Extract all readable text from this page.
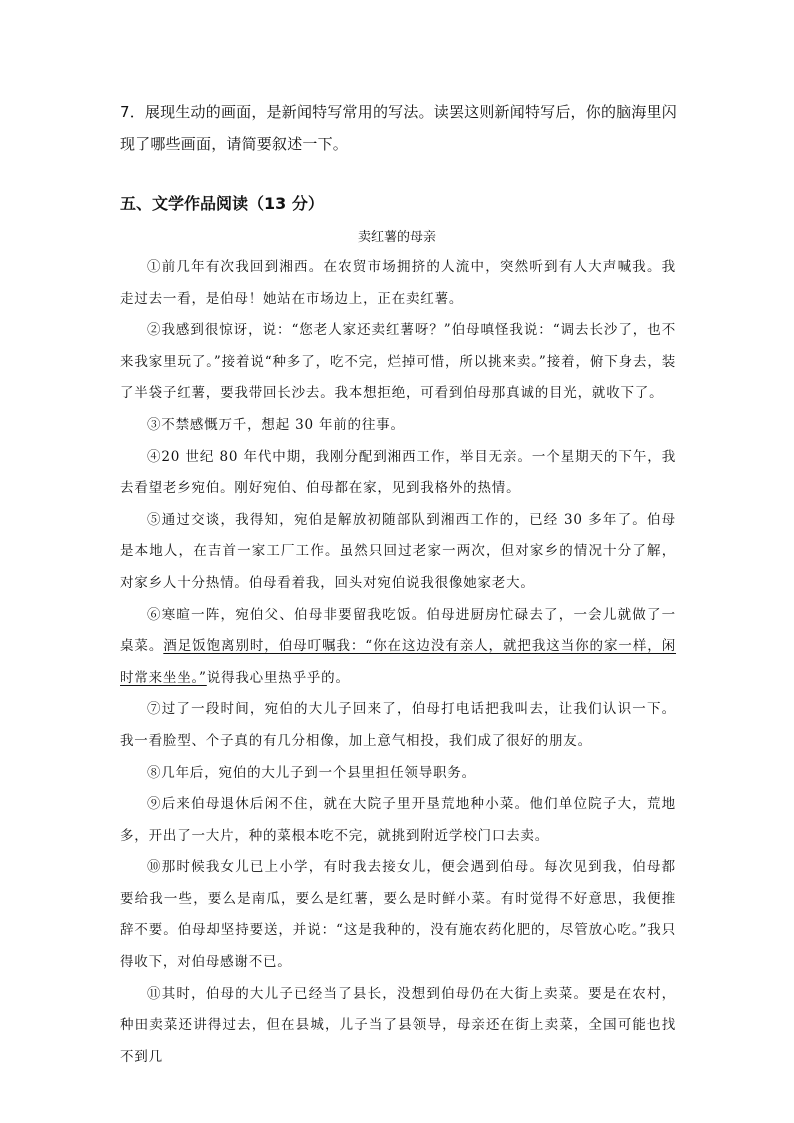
7．展现生动的画面，是新闻特写常用的写法。读罢这则新闻特写后，你的脑海里闪现了哪些画面，请简要叙述一下。
五、文学作品阅读（13 分）
卖红薯的母亲

①前几年有次我回到湘西。在农贸市场拥挤的人流中，突然听到有人大声喊我。我走过去一看，是伯母！她站在市场边上，正在卖红薯。

②我感到很惊讶，说：“您老人家还卖红薯呀？”伯母嗔怪我说：“调去长沙了，也不来我家里玩了。”接着说“种多了，吃不完，烂掉可惜，所以挑来卖。”接着，俯下身去，装了半袋子红薯，要我带回长沙去。我本想拒绝，可看到伯母那真诚的目光，就收下了。

③不禁感慨万千，想起 30 年前的往事。

④20 世纪 80 年代中期，我刚分配到湘西工作，举目无亲。一个星期天的下午，我去看望老乡宛伯。刚好宛伯、伯母都在家，见到我格外的热情。

⑤通过交谈，我得知，宛伯是解放初随部队到湘西工作的，已经 30 多年了。伯母是本地人，在吉首一家工厂工作。虽然只回过老家一两次，但对家乡的情况十分了解，对家乡人十分热情。伯母看着我，回头对宛伯说我很像她家老大。

⑥寒暄一阵，宛伯父、伯母非要留我吃饭。伯母进厨房忙碌去了，一会儿就做了一桌菜。酒足饭饱离别时，伯母叮嘱我：“你在这边没有亲人，就把我这当你的家一样，闲时常来坐坐。”说得我心里热乎乎的。

⑦过了一段时间，宛伯的大儿子回来了，伯母打电话把我叫去，让我们认识一下。我一看脸型、个子真的有几分相像，加上意气相投，我们成了很好的朋友。

⑧几年后，宛伯的大儿子到一个县里担任领导职务。

⑨后来伯母退休后闲不住，就在大院子里开垦荒地种小菜。他们单位院子大，荒地多，开出了一大片，种的菜根本吃不完，就挑到附近学校门口去卖。

⑩那时候我女儿已上小学，有时我去接女儿，便会遇到伯母。每次见到我，伯母都要给我一些，要么是南瓜，要么是红薯，要么是时鲜小菜。有时觉得不好意思，我便推辞不要。伯母却坚持要送，并说：“这是我种的，没有施农药化肥的，尽管放心吃。”我只得收下，对伯母感谢不已。

⑪其时，伯母的大儿子已经当了县长，没想到伯母仍在大街上卖菜。要是在农村，种田卖菜还讲得过去，但在县城，儿子当了县领导，母亲还在街上卖菜，全国可能也找不到几
